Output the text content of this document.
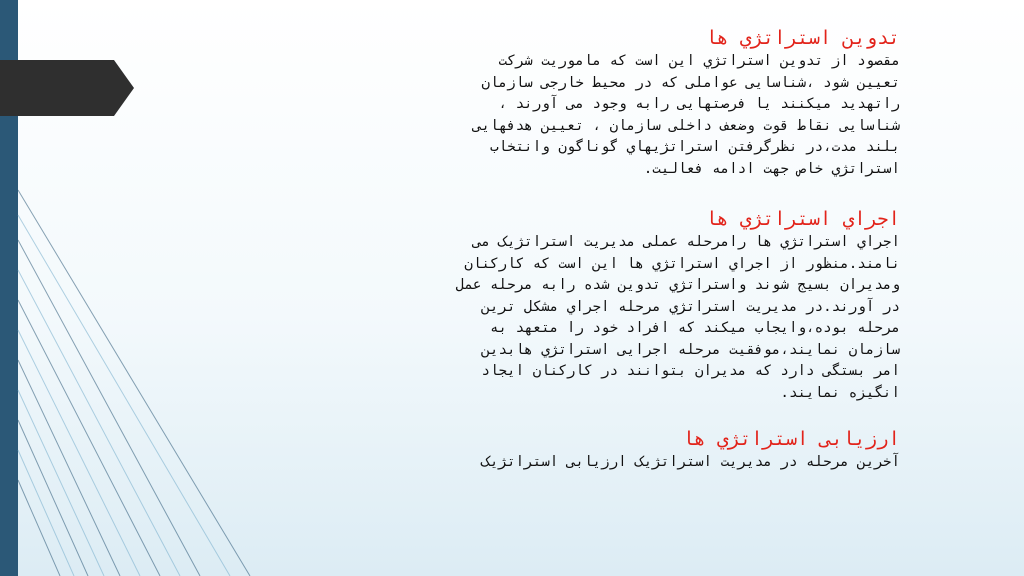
تدوين استراتژي ها

مقصود از تدوين استراتژي اين است که ماموريت شركت

تعيين شود ،شناسايی عواملی که در محيط خارجی سازمان

راتهديد ميکنند يا فرصتهايی رابه وجود می آورند ،

شناسايی نقاط قوت وضعف داخلی سازمان ، تعيين هدفهايی

بلند مدت،در نظرگرفتن استراتژيهاي گوناگون وانتخاب

استراتژي خاص جهت ادامه فعاليت.

اجراي استراتژي ها

اجراي استراتژي ها رامرحله عملی مديريت استراتژيک می

نامند.منظور از اجراي استراتژي ها اين است که کارکنان

ومديران بسيج شوند واستراتژي تدوين شده رابه مرحله عمل

در آورند.در مديريت استراتژي مرحله اجراي مشکل ترين

مرحله بوده،وايجاب ميکند که افراد خود را متعهد به

سازمان نمايند،موفقيت مرحله اجرايی استراتژي هابدين

امر بستگی دارد که مديران بتوانند در کارکنان ايجاد

انگيزه نمايند.

ارزيابی استراتژي ها

آخرين مرحله در مديريت استراتژيک ارزيابی استراتژيک
